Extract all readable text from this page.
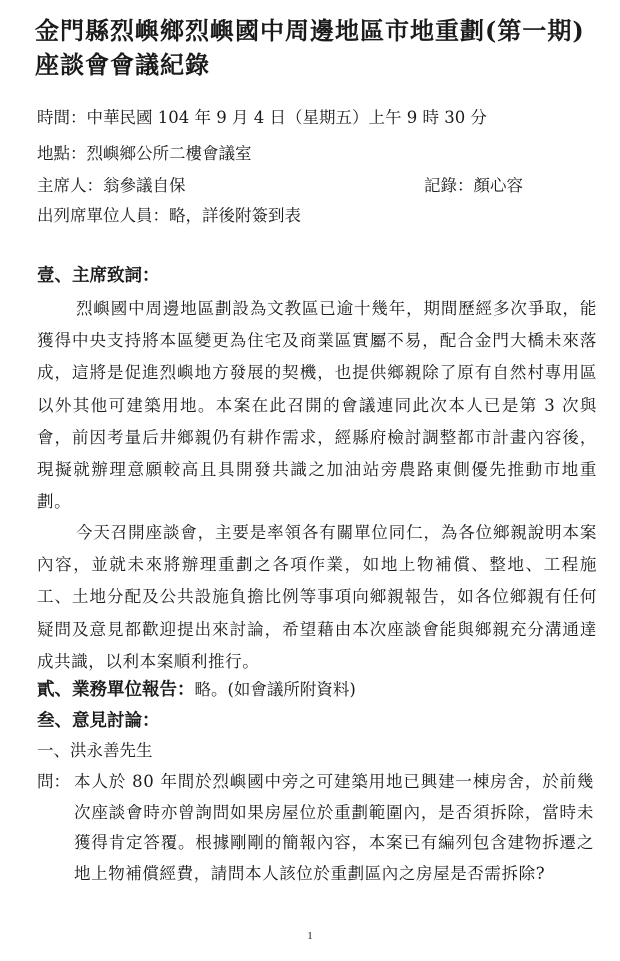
金門縣烈嶼鄉烈嶼國中周邊地區市地重劃(第一期)
座談會會議紀錄
時間：中華民國 104 年 9 月 4 日（星期五）上午 9 時 30 分
地點：烈嶼鄉公所二樓會議室
主席人：翁參議自保	記錄：顏心容
出列席單位人員：略，詳後附簽到表
壹、主席致詞：
烈嶼國中周邊地區劃設為文教區已逾十幾年，期間歷經多次爭取，能獲得中央支持將本區變更為住宅及商業區實屬不易，配合金門大橋未來落成，這將是促進烈嶼地方發展的契機，也提供鄉親除了原有自然村專用區以外其他可建築用地。本案在此召開的會議連同此次本人已是第 3 次與會，前因考量后井鄉親仍有耕作需求，經縣府檢討調整都市計畫內容後，現擬就辦理意願較高且具開發共識之加油站旁農路東側優先推動市地重劃。
今天召開座談會，主要是率領各有關單位同仁，為各位鄉親說明本案內容，並就未來將辦理重劃之各項作業，如地上物補償、整地、工程施工、土地分配及公共設施負擔比例等事項向鄉親報告，如各位鄉親有任何疑問及意見都歡迎提出來討論，希望藉由本次座談會能與鄉親充分溝通達成共識，以利本案順利推行。
貳、業務單位報告：略。(如會議所附資料)
叁、意見討論：
一、洪永善先生
問： 本人於 80 年間於烈嶼國中旁之可建築用地已興建一棟房舍，於前幾次座談會時亦曾詢問如果房屋位於重劃範圍內，是否須拆除，當時未獲得肯定答覆。根據剛剛的簡報內容，本案已有編列包含建物拆遷之地上物補償經費，請問本人該位於重劃區內之房屋是否需拆除?
1
